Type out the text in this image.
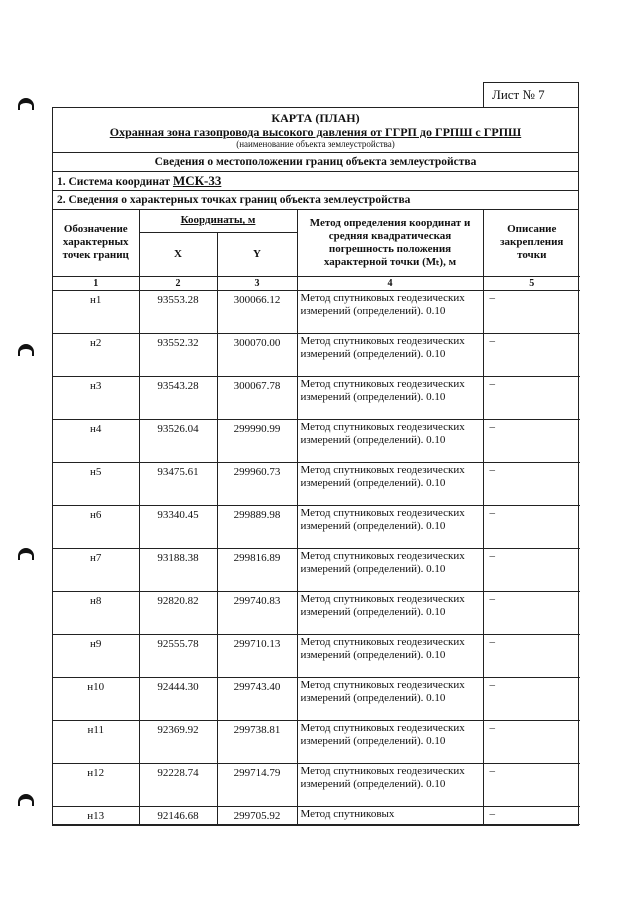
Лист № 7
КАРТА (ПЛАН)
Охранная зона газопровода высокого давления от ГГРП до ГРПШ с ГРПШ
(наименование объекта землеустройства)
Сведения о местоположении границ объекта землеустройства
1. Система координат МСК-33
2. Сведения о характерных точках границ объекта землеустройства
Обозначение характерных точек границ	Координаты, м		Метод определения координат и средняя квадратическая погрешность положения характерной точки (Mₜ), м	Описание закрепления точки
	X	Y		
1	2	3	4	5
н1	93553.28	300066.12	Метод спутниковых геодезических измерений (определений). 0.10	–
н2	93552.32	300070.00	Метод спутниковых геодезических измерений (определений). 0.10	–
н3	93543.28	300067.78	Метод спутниковых геодезических измерений (определений). 0.10	–
н4	93526.04	299990.99	Метод спутниковых геодезических измерений (определений). 0.10	–
н5	93475.61	299960.73	Метод спутниковых геодезических измерений (определений). 0.10	–
н6	93340.45	299889.98	Метод спутниковых геодезических измерений (определений). 0.10	–
н7	93188.38	299816.89	Метод спутниковых геодезических измерений (определений). 0.10	–
н8	92820.82	299740.83	Метод спутниковых геодезических измерений (определений). 0.10	–
н9	92555.78	299710.13	Метод спутниковых геодезических измерений (определений). 0.10	–
н10	92444.30	299743.40	Метод спутниковых геодезических измерений (определений). 0.10	–
н11	92369.92	299738.81	Метод спутниковых геодезических измерений (определений). 0.10	–
н12	92228.74	299714.79	Метод спутниковых геодезических измерений (определений). 0.10	–
н13	92146.68	299705.92	Метод спутниковых	–
